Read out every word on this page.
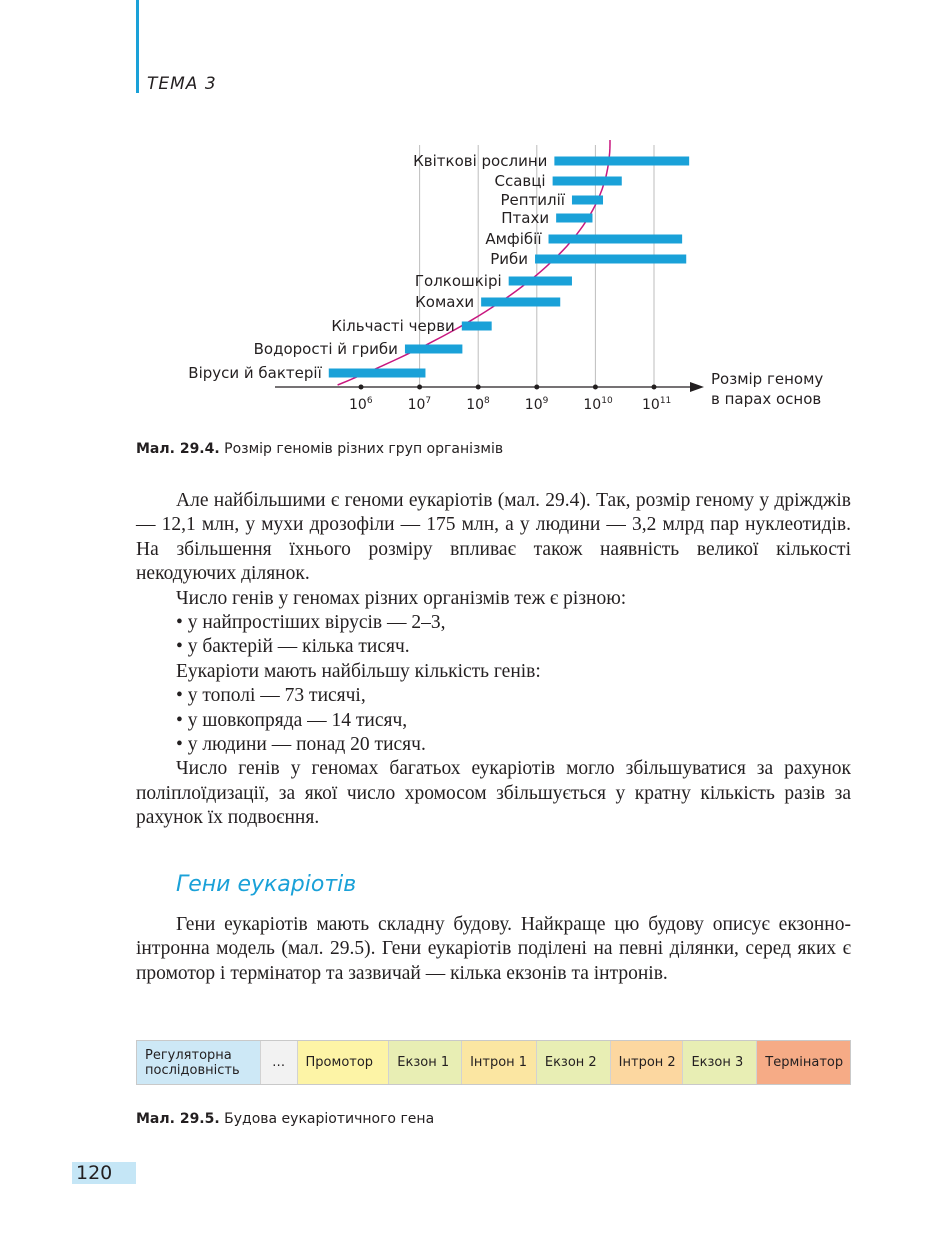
ТЕМА 3
$10^6$	$10^7$	$10^8$	$10^9$	$10^{10}$ $10^{11}$
Розмір геному
в парах основ
Квіткові рослини
Ссавці
Рептилії
Птахи
Амфібії
Риби
Голкошкірі
Комахи
Кільчасті черви
Водорості й гриби
Віруси й бактерії
Мал. 29.4. Розмір геномів різних груп організмів

Але найбільшими є геноми еукаріотів (мал. 29.4). Так, розмір геному у дріжджів — 12,1 млн, у мухи дрозофіли — 175 млн, а у людини — 3,2 млрд пар нуклеотидів. На збільшення їхнього розміру впливає також наявність великої кількості некодуючих ділянок.

Число генів у геномах різних організмів теж є різною:

• у найпростіших вірусів — 2–3,

• у бактерій — кілька тисяч.

Еукаріоти мають найбільшу кількість генів:

• у тополі — 73 тисячі,

• у шовкопряда — 14 тисяч,

• у людини — понад 20 тисяч.

Число генів у геномах багатьох еукаріотів могло збільшуватися за рахунок поліплоїдизації, за якої число хромосом збільшується у кратну кількість разів за рахунок їх подвоєння.

Гени еукаріотів

Гени еукаріотів мають складну будову. Найкраще цю будову описує екзонно-інтронна модель (мал. 29.5). Гени еукаріотів поділені на певні ділянки, серед яких є промотор і термінатор та зазвичай — кілька екзонів та інтронів.

Регуляторна послідовність	…	Промотор	Екзон 1	Інтрон 1	Екзон 2	Інтрон 2	Екзон 3	Термінатор
Мал. 29.5. Будова еукаріотичного гена
120
